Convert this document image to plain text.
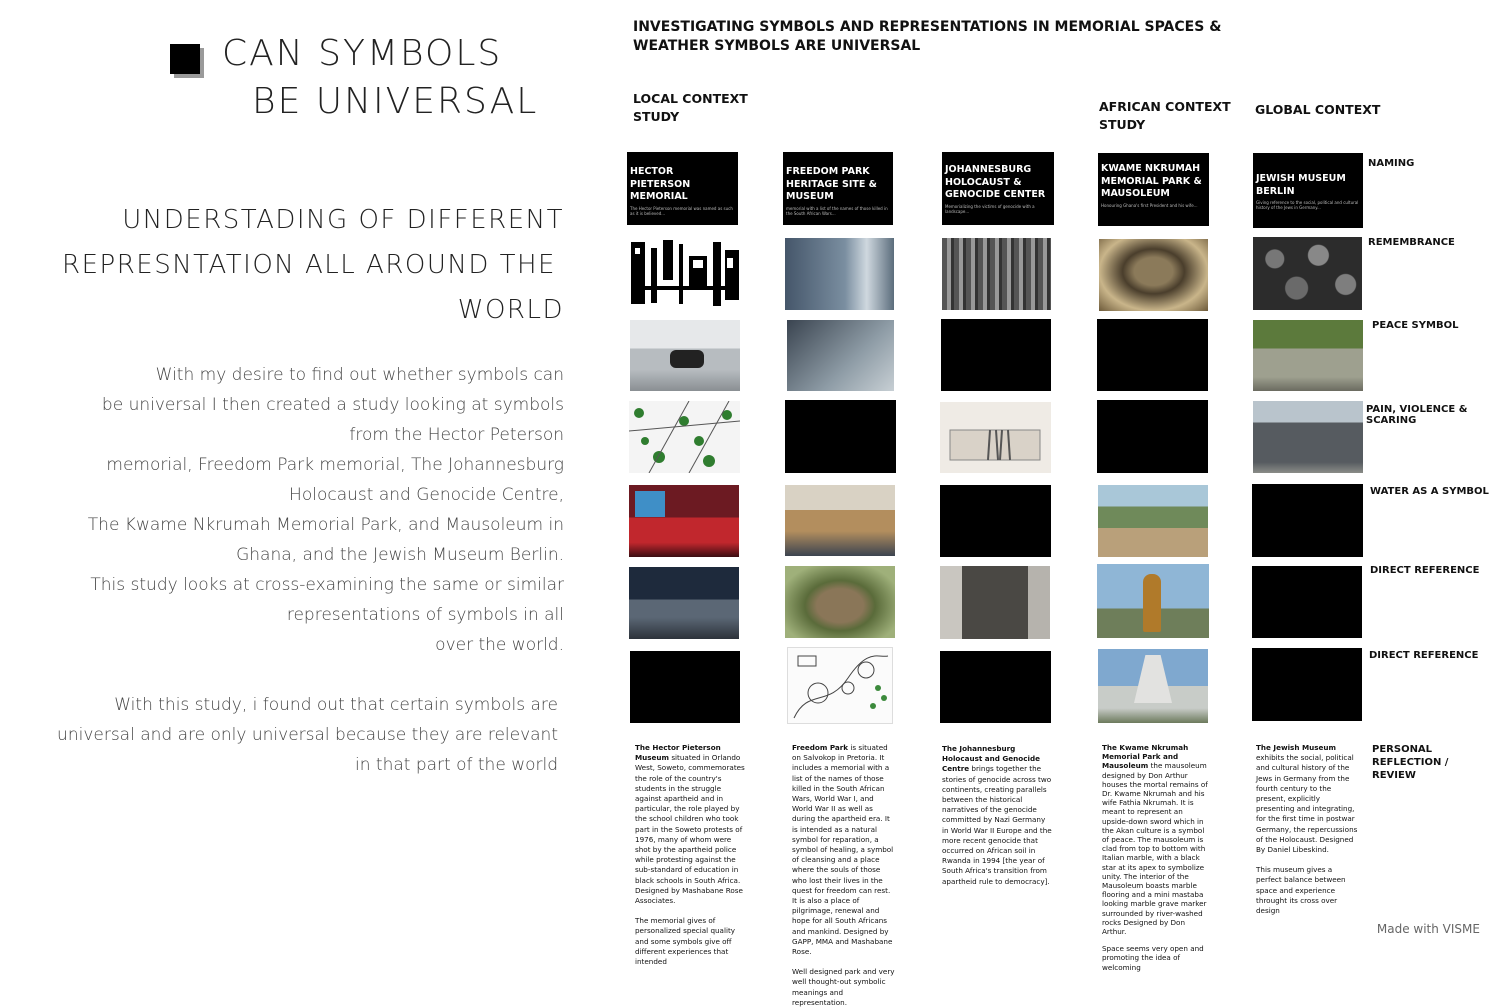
CAN SYMBOLS
BE UNIVERSAL
UNDERSTADING OF DIFFERENT
REPRESNTATION ALL AROUND THE
WORLD
With my desire to find out whether symbols can
be universal I then created a study looking at symbols
from the Hector Peterson
memorial, Freedom Park memorial, The Johannesburg
Holocaust and Genocide Centre,
The Kwame Nkrumah Memorial Park, and Mausoleum in
Ghana, and the Jewish Museum Berlin.
This study looks at cross-examining the same or similar
representations of symbols in all
over the world.
With this study, i found out that certain symbols are
universal and are only universal because they are relevant
in that part of the world
INVESTIGATING SYMBOLS AND REPRESENTATIONS IN MEMORIAL SPACES &
WEATHER SYMBOLS ARE UNIVERSAL
LOCAL CONTEXT
STUDY
AFRICAN CONTEXT
STUDY
GLOBAL CONTEXT
HECTOR PIETERSON MEMORIAL
The Hector Pieterson memorial was named as such as it is believed...
FREEDOM PARK HERITAGE SITE & MUSEUM
memorial with a list of the names of those killed in the South African Wars...
JOHANNESBURG HOLOCAUST & GENOCIDE CENTER
Memorializing the victims of genocide with a landscape...
KWAME NKRUMAH MEMORIAL PARK & MAUSOLEUM
Honouring Ghana's first President and his wife...
JEWISH MUSEUM BERLIN
Giving reference to the social, political and cultural history of the Jews in Germany...
NAMING
REMEMBRANCE
PEACE SYMBOL
PAIN, VIOLENCE & SCARING
WATER AS A SYMBOL
DIRECT REFERENCE
DIRECT REFERENCE
PERSONAL REFLECTION / REVIEW
The Hector Pieterson Museum situated in Orlando West, Soweto, commemorates the role of the country's students in the struggle against apartheid and in particular, the role played by the school children who took part in the Soweto protests of 1976, many of whom were shot by the apartheid police while protesting against the sub-standard of education in black schools in South Africa. Designed by Mashabane Rose Associates.
The memorial gives of personalized special quality and some symbols give off different experiences that intended
Freedom Park is situated on Salvokop in Pretoria. It includes a memorial with a list of the names of those killed in the South African Wars, World War I, and World War II as well as during the apartheid era. It is intended as a natural symbol for reparation, a symbol of healing, a symbol of cleansing and a place where the souls of those who lost their lives in the quest for freedom can rest. It is also a place of pilgrimage, renewal and hope for all South Africans and mankind. Designed by GAPP, MMA and Mashabane Rose.
Well designed park and very well thought-out symbolic meanings and representation.
The Johannesburg Holocaust and Genocide Centre brings together the stories of genocide across two continents, creating parallels between the historical narratives of the genocide committed by Nazi Germany in World War II Europe and the more recent genocide that occurred on African soil in Rwanda in 1994 [the year of South Africa's transition from apartheid rule to democracy].
The Kwame Nkrumah Memorial Park and Mausoleum the mausoleum designed by Don Arthur houses the mortal remains of Dr. Kwame Nkrumah and his wife Fathia Nkrumah. It is meant to represent an upside-down sword which in the Akan culture is a symbol of peace. The mausoleum is clad from top to bottom with Italian marble, with a black star at its apex to symbolize unity. The interior of the Mausoleum boasts marble flooring and a mini mastaba looking marble grave marker surrounded by river-washed rocks Designed by Don Arthur.
Space seems very open and promoting the idea of welcoming
The Jewish Museum exhibits the social, political and cultural history of the Jews in Germany from the fourth century to the present, explicitly presenting and integrating, for the first time in postwar Germany, the repercussions of the Holocaust. Designed By Daniel Libeskind.
This museum gives a perfect balance between space and experience throught its cross over design
Made with VISME
